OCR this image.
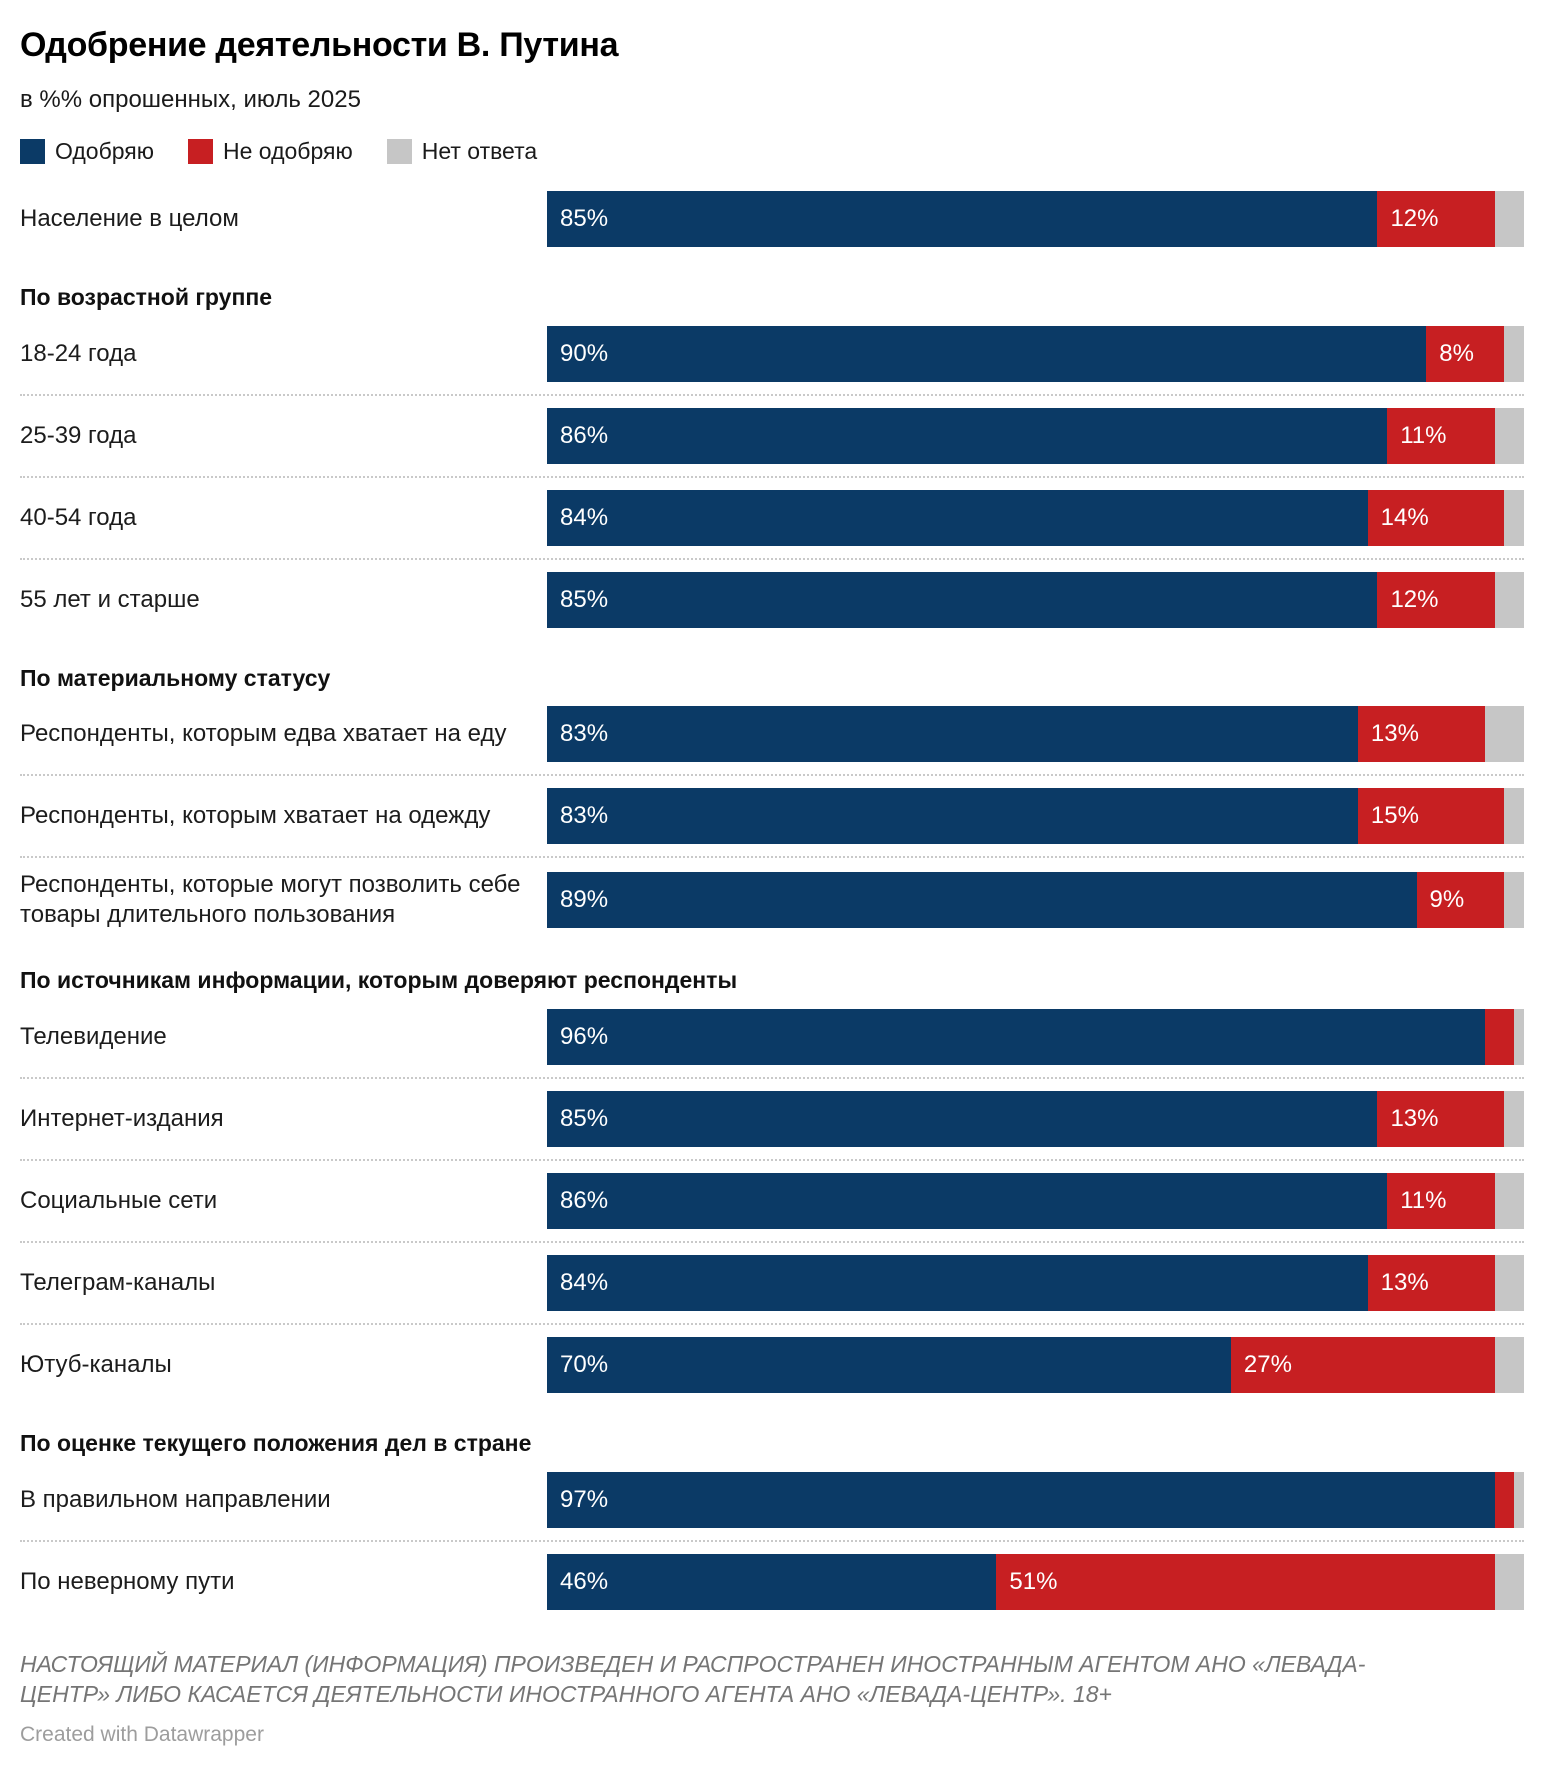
Одобрение деятельности В. Путина

в %% опрошенных, июль 2025

Одобряю	Не одобряю	Нет ответа
Население в целом	85%	12%
По возрастной группе
18-24 года	90%	8%
25-39 года	86%	11%
40-54 года	84%	14%
55 лет и старше	85%	12%
По материальному статусу
Респонденты, которым едва хватает на еду	83%	13%
Респонденты, которым хватает на одежду	83%	15%
Респонденты, которые могут позволить себе товары длительного пользования
89%	9%
По источникам информации, которым доверяют респонденты
Телевидение	96%
Интернет-издания	85%	13%
Социальные сети	86%	11%
Телеграм-каналы	84%	13%
Ютуб-каналы	70%	27%
По оценке текущего положения дел в стране
В правильном направлении	97%
По неверному пути	46%	51%

НАСТОЯЩИЙ МАТЕРИАЛ (ИНФОРМАЦИЯ) ПРОИЗВЕДЕН И РАСПРОСТРАНЕН ИНОСТРАННЫМ АГЕНТОМ АНО «ЛЕВАДА-
ЦЕНТР» ЛИБО КАСАЕТСЯ ДЕЯТЕЛЬНОСТИ ИНОСТРАННОГО АГЕНТА АНО «ЛЕВАДА-ЦЕНТР». 18+

Created with Datawrapper
